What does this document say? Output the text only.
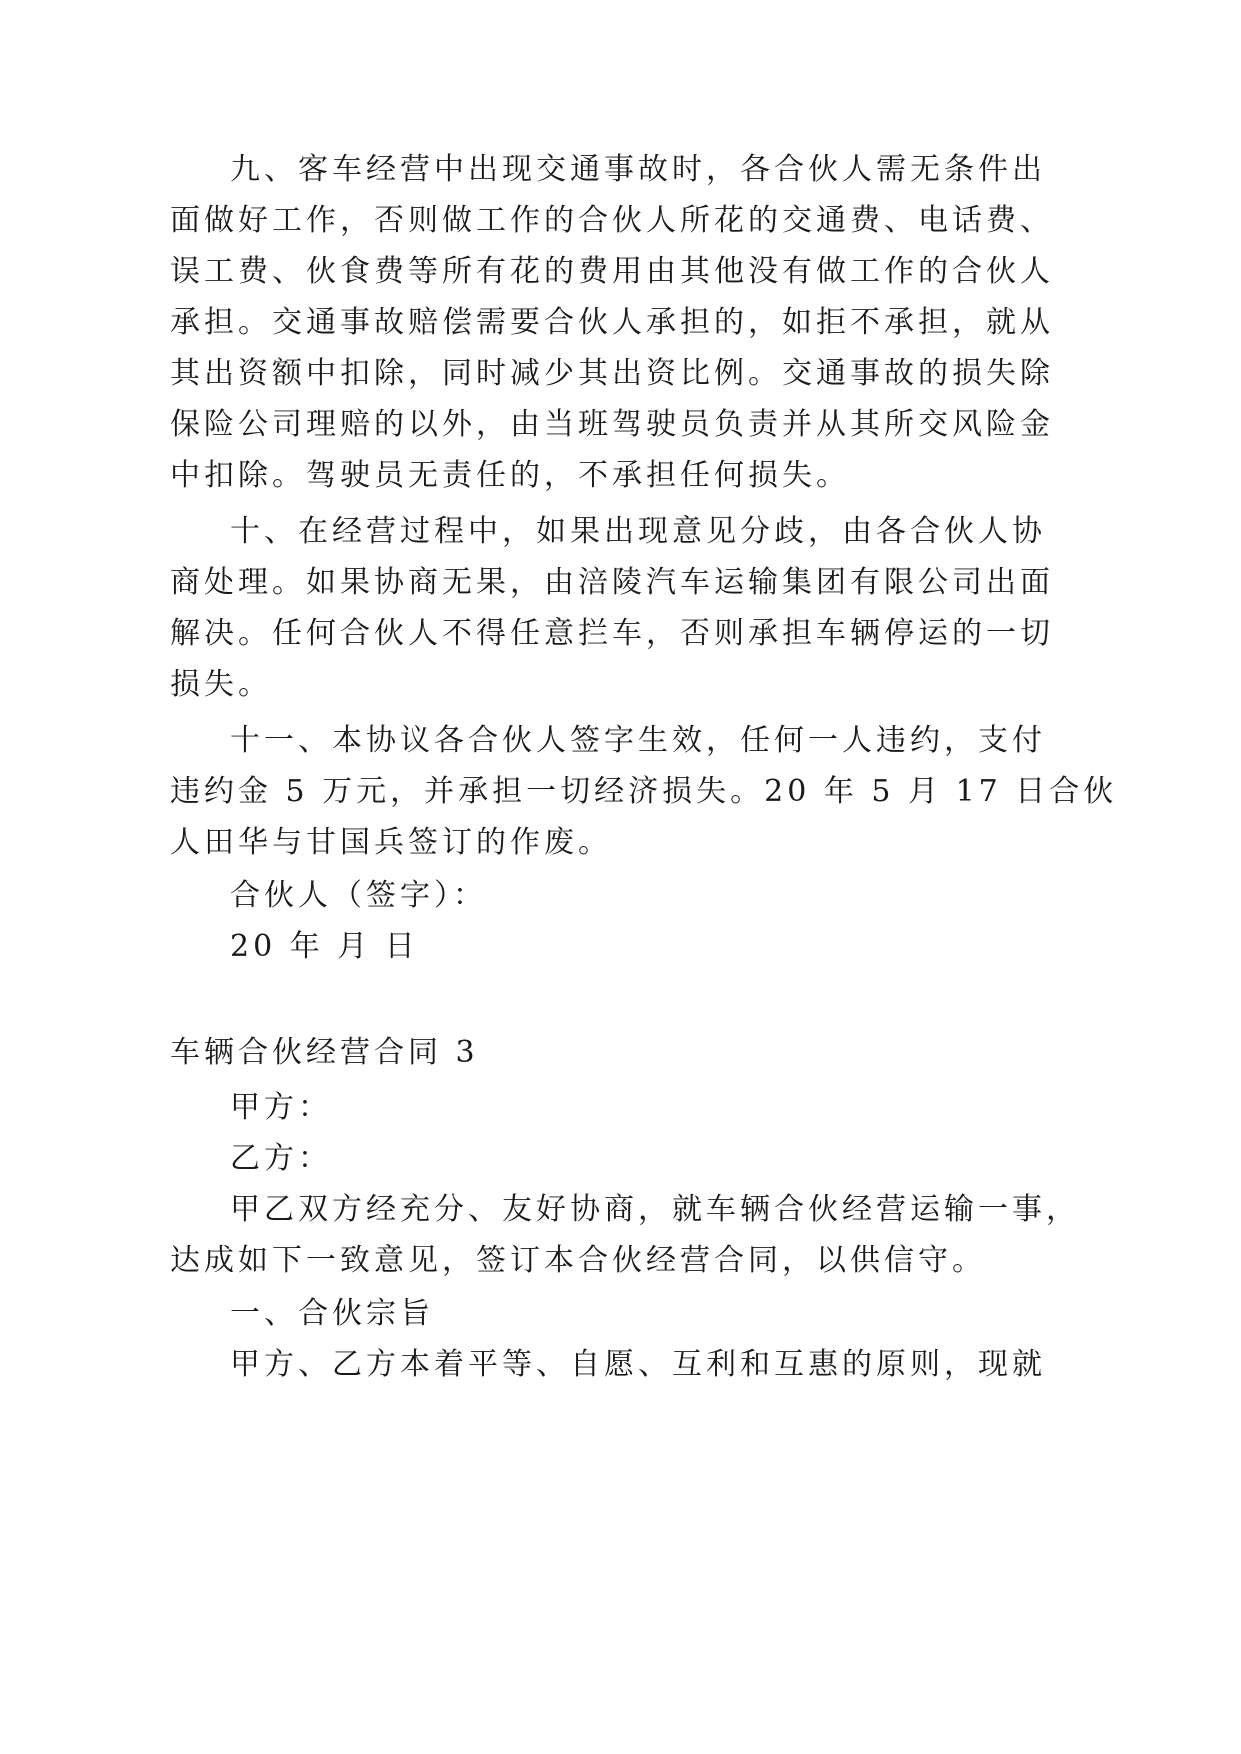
九、客车经营中出现交通事故时，各合伙人需无条件出
面做好工作，否则做工作的合伙人所花的交通费、电话费、
误工费、伙食费等所有花的费用由其他没有做工作的合伙人
承担。交通事故赔偿需要合伙人承担的，如拒不承担，就从
其出资额中扣除，同时减少其出资比例。交通事故的损失除
保险公司理赔的以外，由当班驾驶员负责并从其所交风险金
中扣除。驾驶员无责任的，不承担任何损失。
十、在经营过程中，如果出现意见分歧，由各合伙人协
商处理。如果协商无果，由涪陵汽车运输集团有限公司出面
解决。任何合伙人不得任意拦车，否则承担车辆停运的一切
损失。
十一、本协议各合伙人签字生效，任何一人违约，支付
违约金 5 万元，并承担一切经济损失。20 年 5 月 17 日合伙
人田华与甘国兵签订的作废。
合伙人（签字）：
20 年 月 日
车辆合伙经营合同 3
甲方：
乙方：
甲乙双方经充分、友好协商，就车辆合伙经营运输一事，
达成如下一致意见，签订本合伙经营合同，以供信守。
一、合伙宗旨
甲方、乙方本着平等、自愿、互利和互惠的原则，现就
